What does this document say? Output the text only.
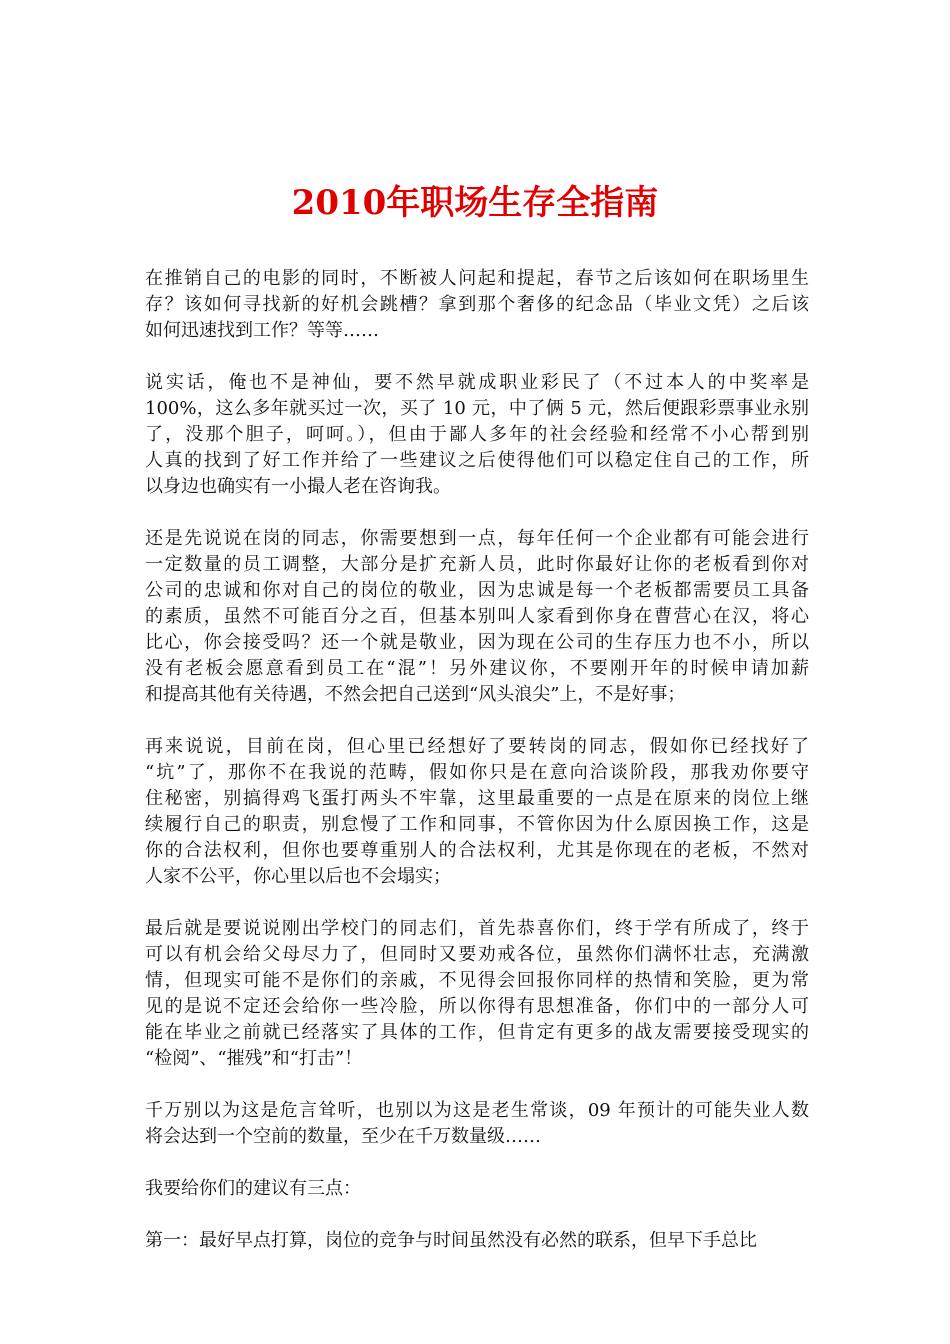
2010年职场生存全指南
在推销自己的电影的同时，不断被人问起和提起，春节之后该如何在职场里生
存？该如何寻找新的好机会跳槽？拿到那个奢侈的纪念品（毕业文凭）之后该
如何迅速找到工作？等等……
说实话，俺也不是神仙，要不然早就成职业彩民了（不过本人的中奖率是
100%，这么多年就买过一次，买了 10 元，中了俩 5 元，然后便跟彩票事业永别
了，没那个胆子，呵呵。），但由于鄙人多年的社会经验和经常不小心帮到别
人真的找到了好工作并给了一些建议之后使得他们可以稳定住自己的工作，所
以身边也确实有一小撮人老在咨询我。
还是先说说在岗的同志，你需要想到一点，每年任何一个企业都有可能会进行
一定数量的员工调整，大部分是扩充新人员，此时你最好让你的老板看到你对
公司的忠诚和你对自己的岗位的敬业，因为忠诚是每一个老板都需要员工具备
的素质，虽然不可能百分之百，但基本别叫人家看到你身在曹营心在汉，将心
比心，你会接受吗？还一个就是敬业，因为现在公司的生存压力也不小，所以
没有老板会愿意看到员工在“混”！另外建议你，不要刚开年的时候申请加薪
和提高其他有关待遇，不然会把自己送到“风头浪尖”上，不是好事；
再来说说，目前在岗，但心里已经想好了要转岗的同志，假如你已经找好了
“坑”了，那你不在我说的范畴，假如你只是在意向洽谈阶段，那我劝你要守
住秘密，别搞得鸡飞蛋打两头不牢靠，这里最重要的一点是在原来的岗位上继
续履行自己的职责，别怠慢了工作和同事，不管你因为什么原因换工作，这是
你的合法权利，但你也要尊重别人的合法权利，尤其是你现在的老板，不然对
人家不公平，你心里以后也不会塌实；
最后就是要说说刚出学校门的同志们，首先恭喜你们，终于学有所成了，终于
可以有机会给父母尽力了，但同时又要劝戒各位，虽然你们满怀壮志，充满激
情，但现实可能不是你们的亲戚，不见得会回报你同样的热情和笑脸，更为常
见的是说不定还会给你一些冷脸，所以你得有思想准备，你们中的一部分人可
能在毕业之前就已经落实了具体的工作，但肯定有更多的战友需要接受现实的
“检阅”、“摧残”和“打击”！
千万别以为这是危言耸听，也别以为这是老生常谈，09 年预计的可能失业人数
将会达到一个空前的数量，至少在千万数量级……
我要给你们的建议有三点：
第一：最好早点打算，岗位的竞争与时间虽然没有必然的联系，但早下手总比
